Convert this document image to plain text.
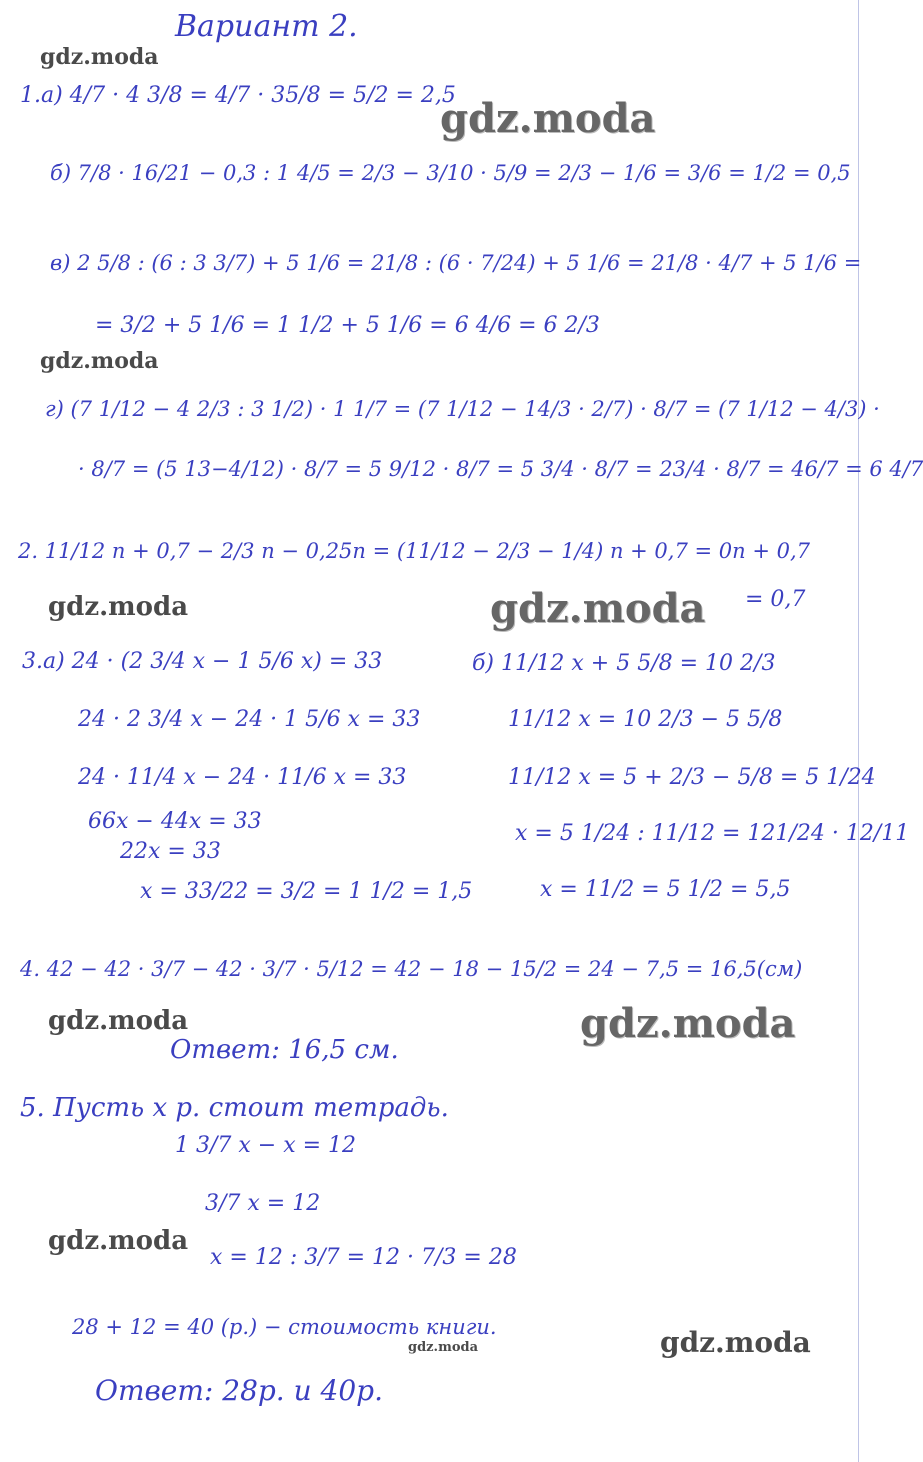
Вариант 2.
gdz.moda
gdz.moda
gdz.moda
gdz.moda	gdz.moda
gdz.moda	gdz.moda
gdz.moda
gdz.moda
gdz.moda
1.а) 4/7 · 4 3/8 = 4/7 · 35/8 = 5/2 = 2,5
б) 7/8 · 16/21 − 0,3 : 1 4/5 = 2/3 − 3/10 · 5/9 = 2/3 − 1/6 = 3/6 = 1/2 = 0,5
в) 2 5/8 : (6 : 3 3/7) + 5 1/6 = 21/8 : (6 · 7/24) + 5 1/6 = 21/8 · 4/7 + 5 1/6 =
= 3/2 + 5 1/6 = 1 1/2 + 5 1/6 = 6 4/6 = 6 2/3
г) (7 1/12 − 4 2/3 : 3 1/2) · 1 1/7 = (7 1/12 − 14/3 · 2/7) · 8/7 = (7 1/12 − 4/3) ·
· 8/7 = (5 13−4/12) · 8/7 = 5 9/12 · 8/7 = 5 3/4 · 8/7 = 23/4 · 8/7 = 46/7 = 6 4/7
2. 11/12 n + 0,7 − 2/3 n − 0,25n = (11/12 − 2/3 − 1/4) n + 0,7 = 0n + 0,7
= 0,7
3.а) 24 · (2 3/4 x − 1 5/6 x) = 33
24 · 2 3/4 x − 24 · 1 5/6 x = 33
24 · 11/4 x − 24 · 11/6 x = 33
66x − 44x = 33
22x = 33
x = 33/22 = 3/2 = 1 1/2 = 1,5
б) 11/12 x + 5 5/8 = 10 2/3
11/12 x = 10 2/3 − 5 5/8
11/12 x = 5 + 2/3 − 5/8 = 5 1/24
x = 5 1/24 : 11/12 = 121/24 · 12/11
x = 11/2 = 5 1/2 = 5,5
4. 42 − 42 · 3/7 − 42 · 3/7 · 5/12 = 42 − 18 − 15/2 = 24 − 7,5 = 16,5(см)
Ответ: 16,5 см.
5. Пусть x р. стоит тетрадь.
1 3/7 x − x = 12
3/7 x = 12
x = 12 : 3/7 = 12 · 7/3 = 28
28 + 12 = 40 (р.) − стоимость книги.
Ответ: 28р. и 40р.
